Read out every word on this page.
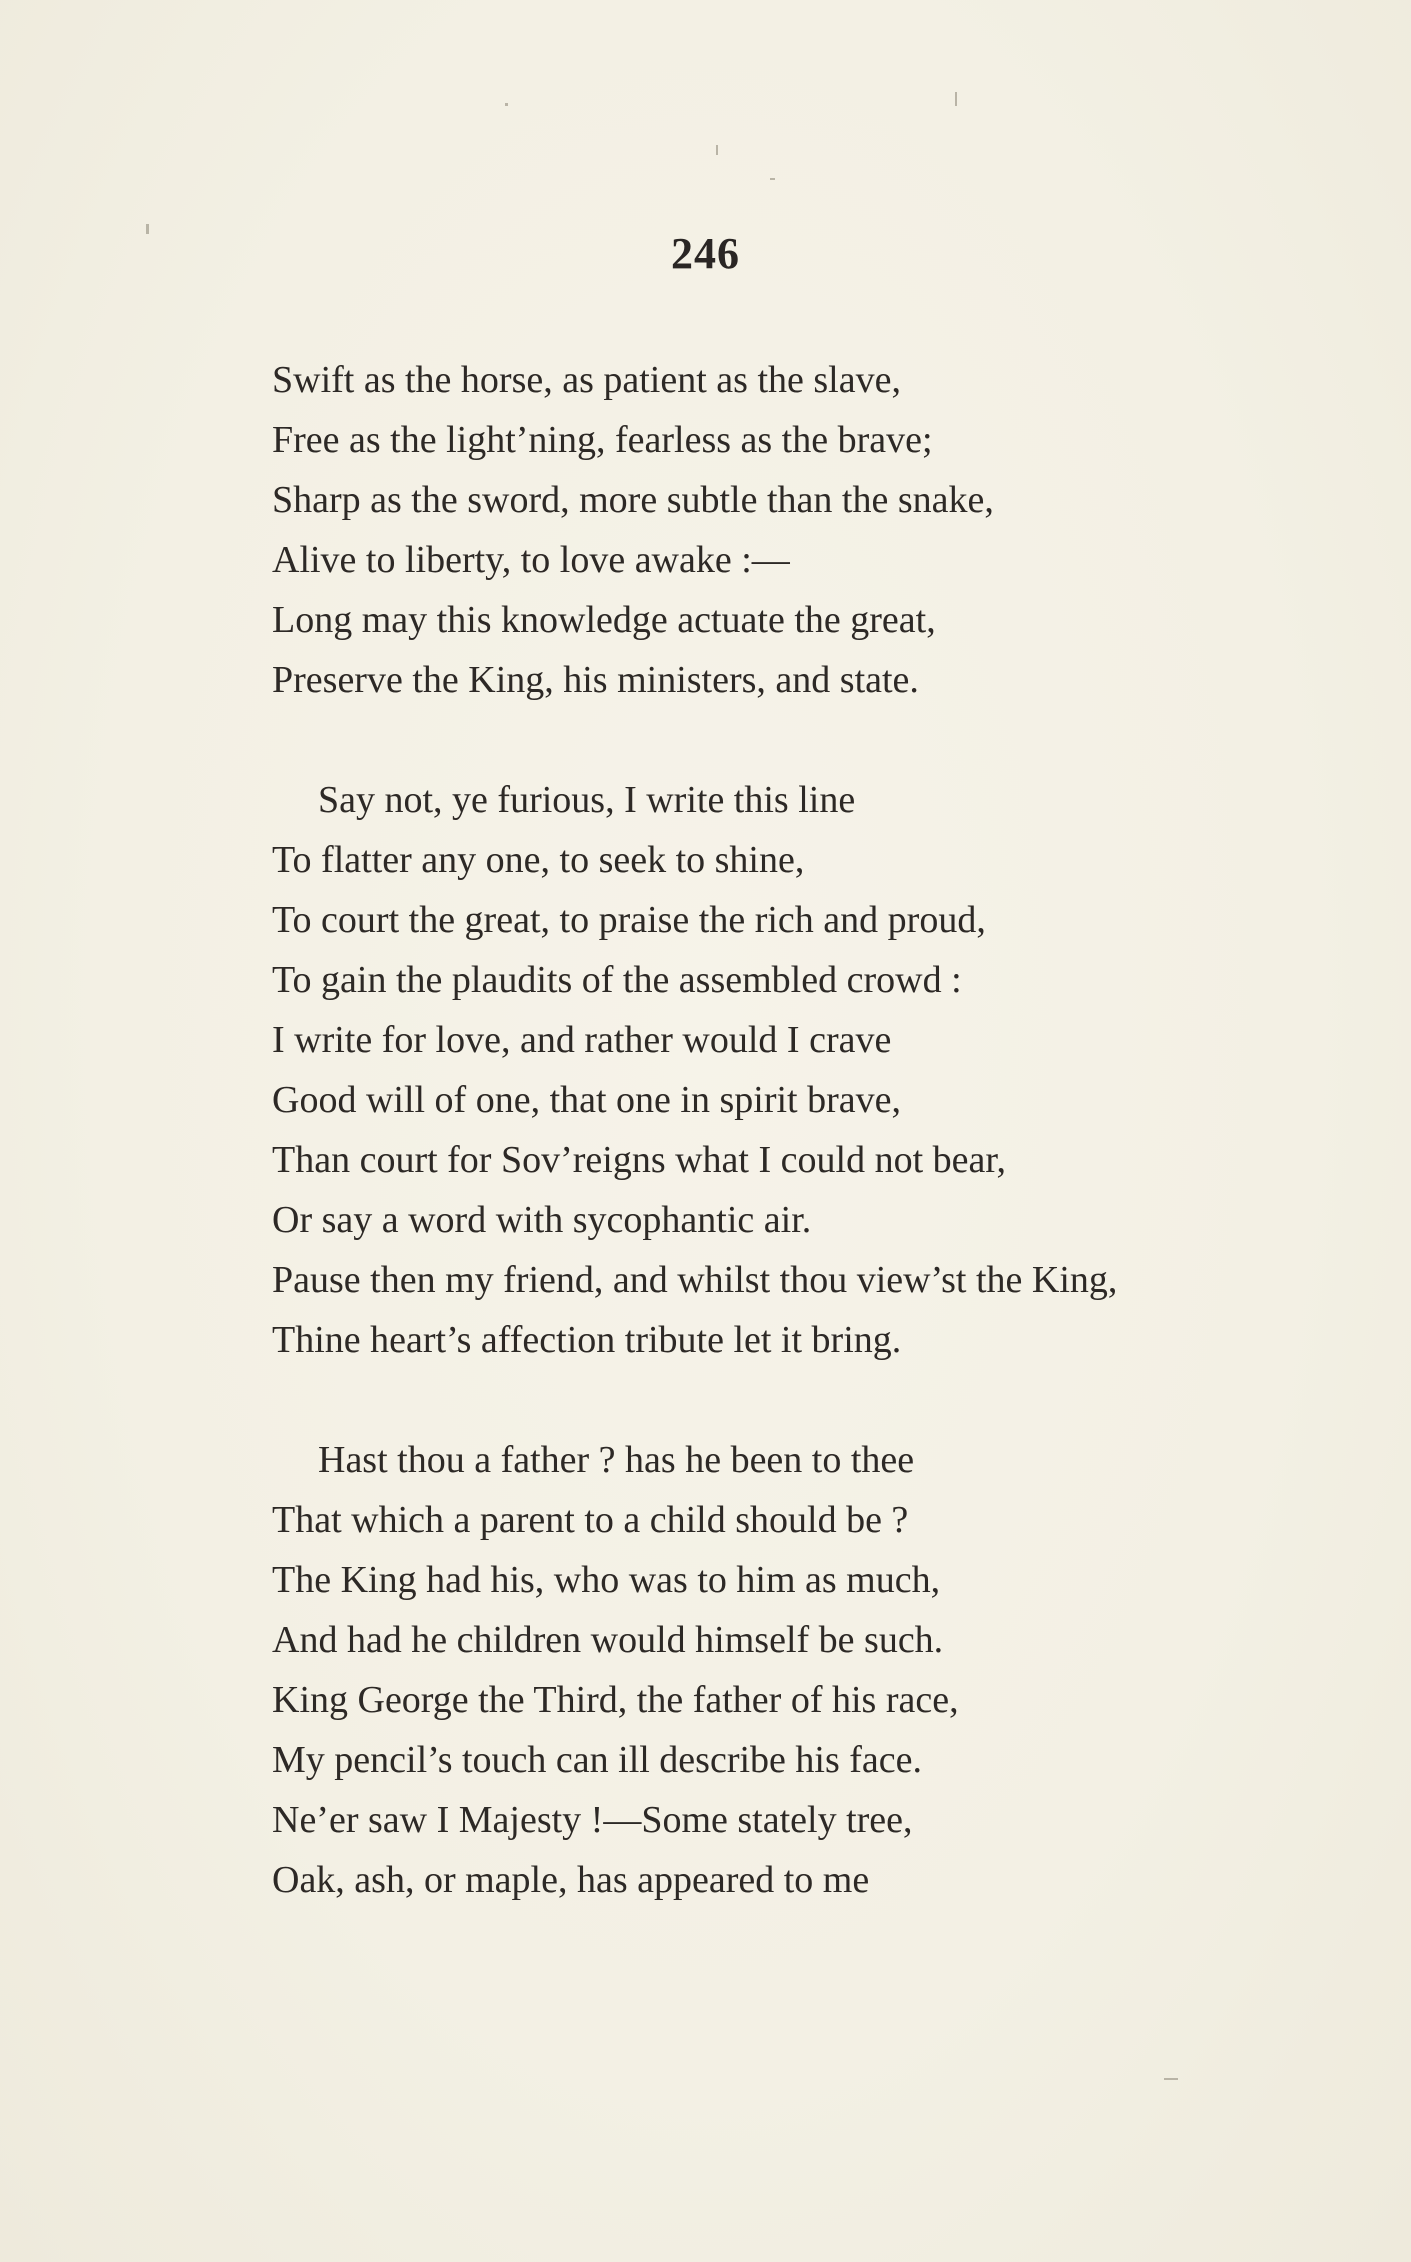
246
Swift as the horse, as patient as the slave,
Free as the light’ning, fearless as the brave;
Sharp as the sword, more subtle than the snake,
Alive to liberty, to love awake :—
Long may this knowledge actuate the great,
Preserve the King, his ministers, and state.
Say not, ye furious, I write this line
To flatter any one, to seek to shine,
To court the great, to praise the rich and proud,
To gain the plaudits of the assembled crowd :
I write for love, and rather would I crave
Good will of one, that one in spirit brave,
Than court for Sov’reigns what I could not bear,
Or say a word with sycophantic air.
Pause then my friend, and whilst thou view’st the King,
Thine heart’s affection tribute let it bring.
Hast thou a father ? has he been to thee
That which a parent to a child should be ?
The King had his, who was to him as much,
And had he children would himself be such.
King George the Third, the father of his race,
My pencil’s touch can ill describe his face.
Ne’er saw I Majesty !—Some stately tree,
Oak, ash, or maple, has appeared to me
